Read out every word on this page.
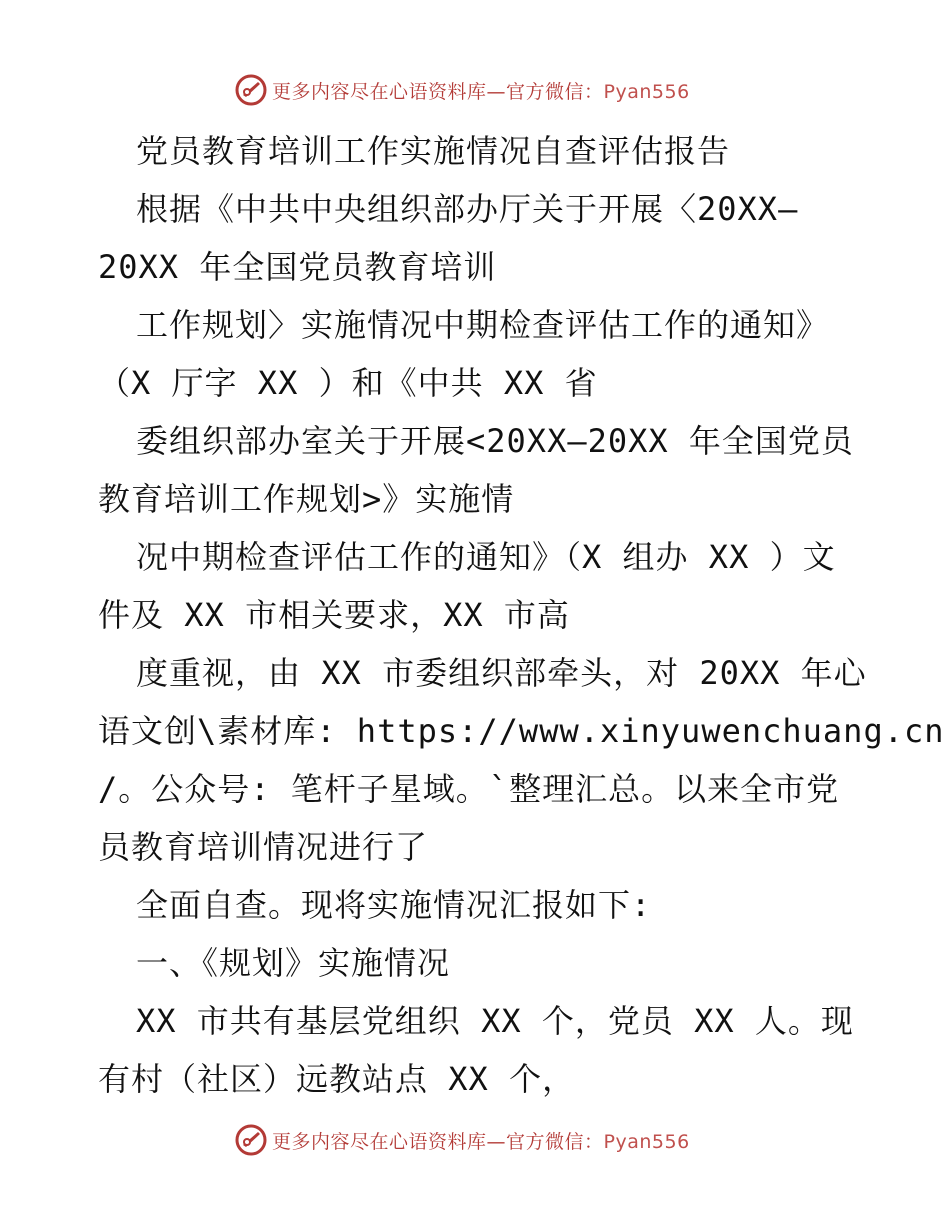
更多内容尽在心语资料库—官方微信：Pyan556
党员教育培训工作实施情况自查评估报告
根据《中共中央组织部办厅关于开展〈20XX—
20XX 年全国党员教育培训
工作规划〉实施情况中期检查评估工作的通知》
（X 厅字 XX ）和《中共 XX 省
委组织部办室关于开展<20XX—20XX 年全国党员
教育培训工作规划>》实施情
况中期检查评估工作的通知》（X 组办 XX ）文
件及 XX 市相关要求，XX 市高
度重视，由 XX 市委组织部牵头，对 20XX 年心
语文创\素材库: https://www.xinyuwenchuang.cn
/。公众号: 笔杆子星域。`整理汇总。以来全市党
员教育培训情况进行了
全面自查。现将实施情况汇报如下:
一、《规划》实施情况
XX 市共有基层党组织 XX 个，党员 XX 人。现
有村（社区）远教站点 XX 个，
更多内容尽在心语资料库—官方微信：Pyan556
